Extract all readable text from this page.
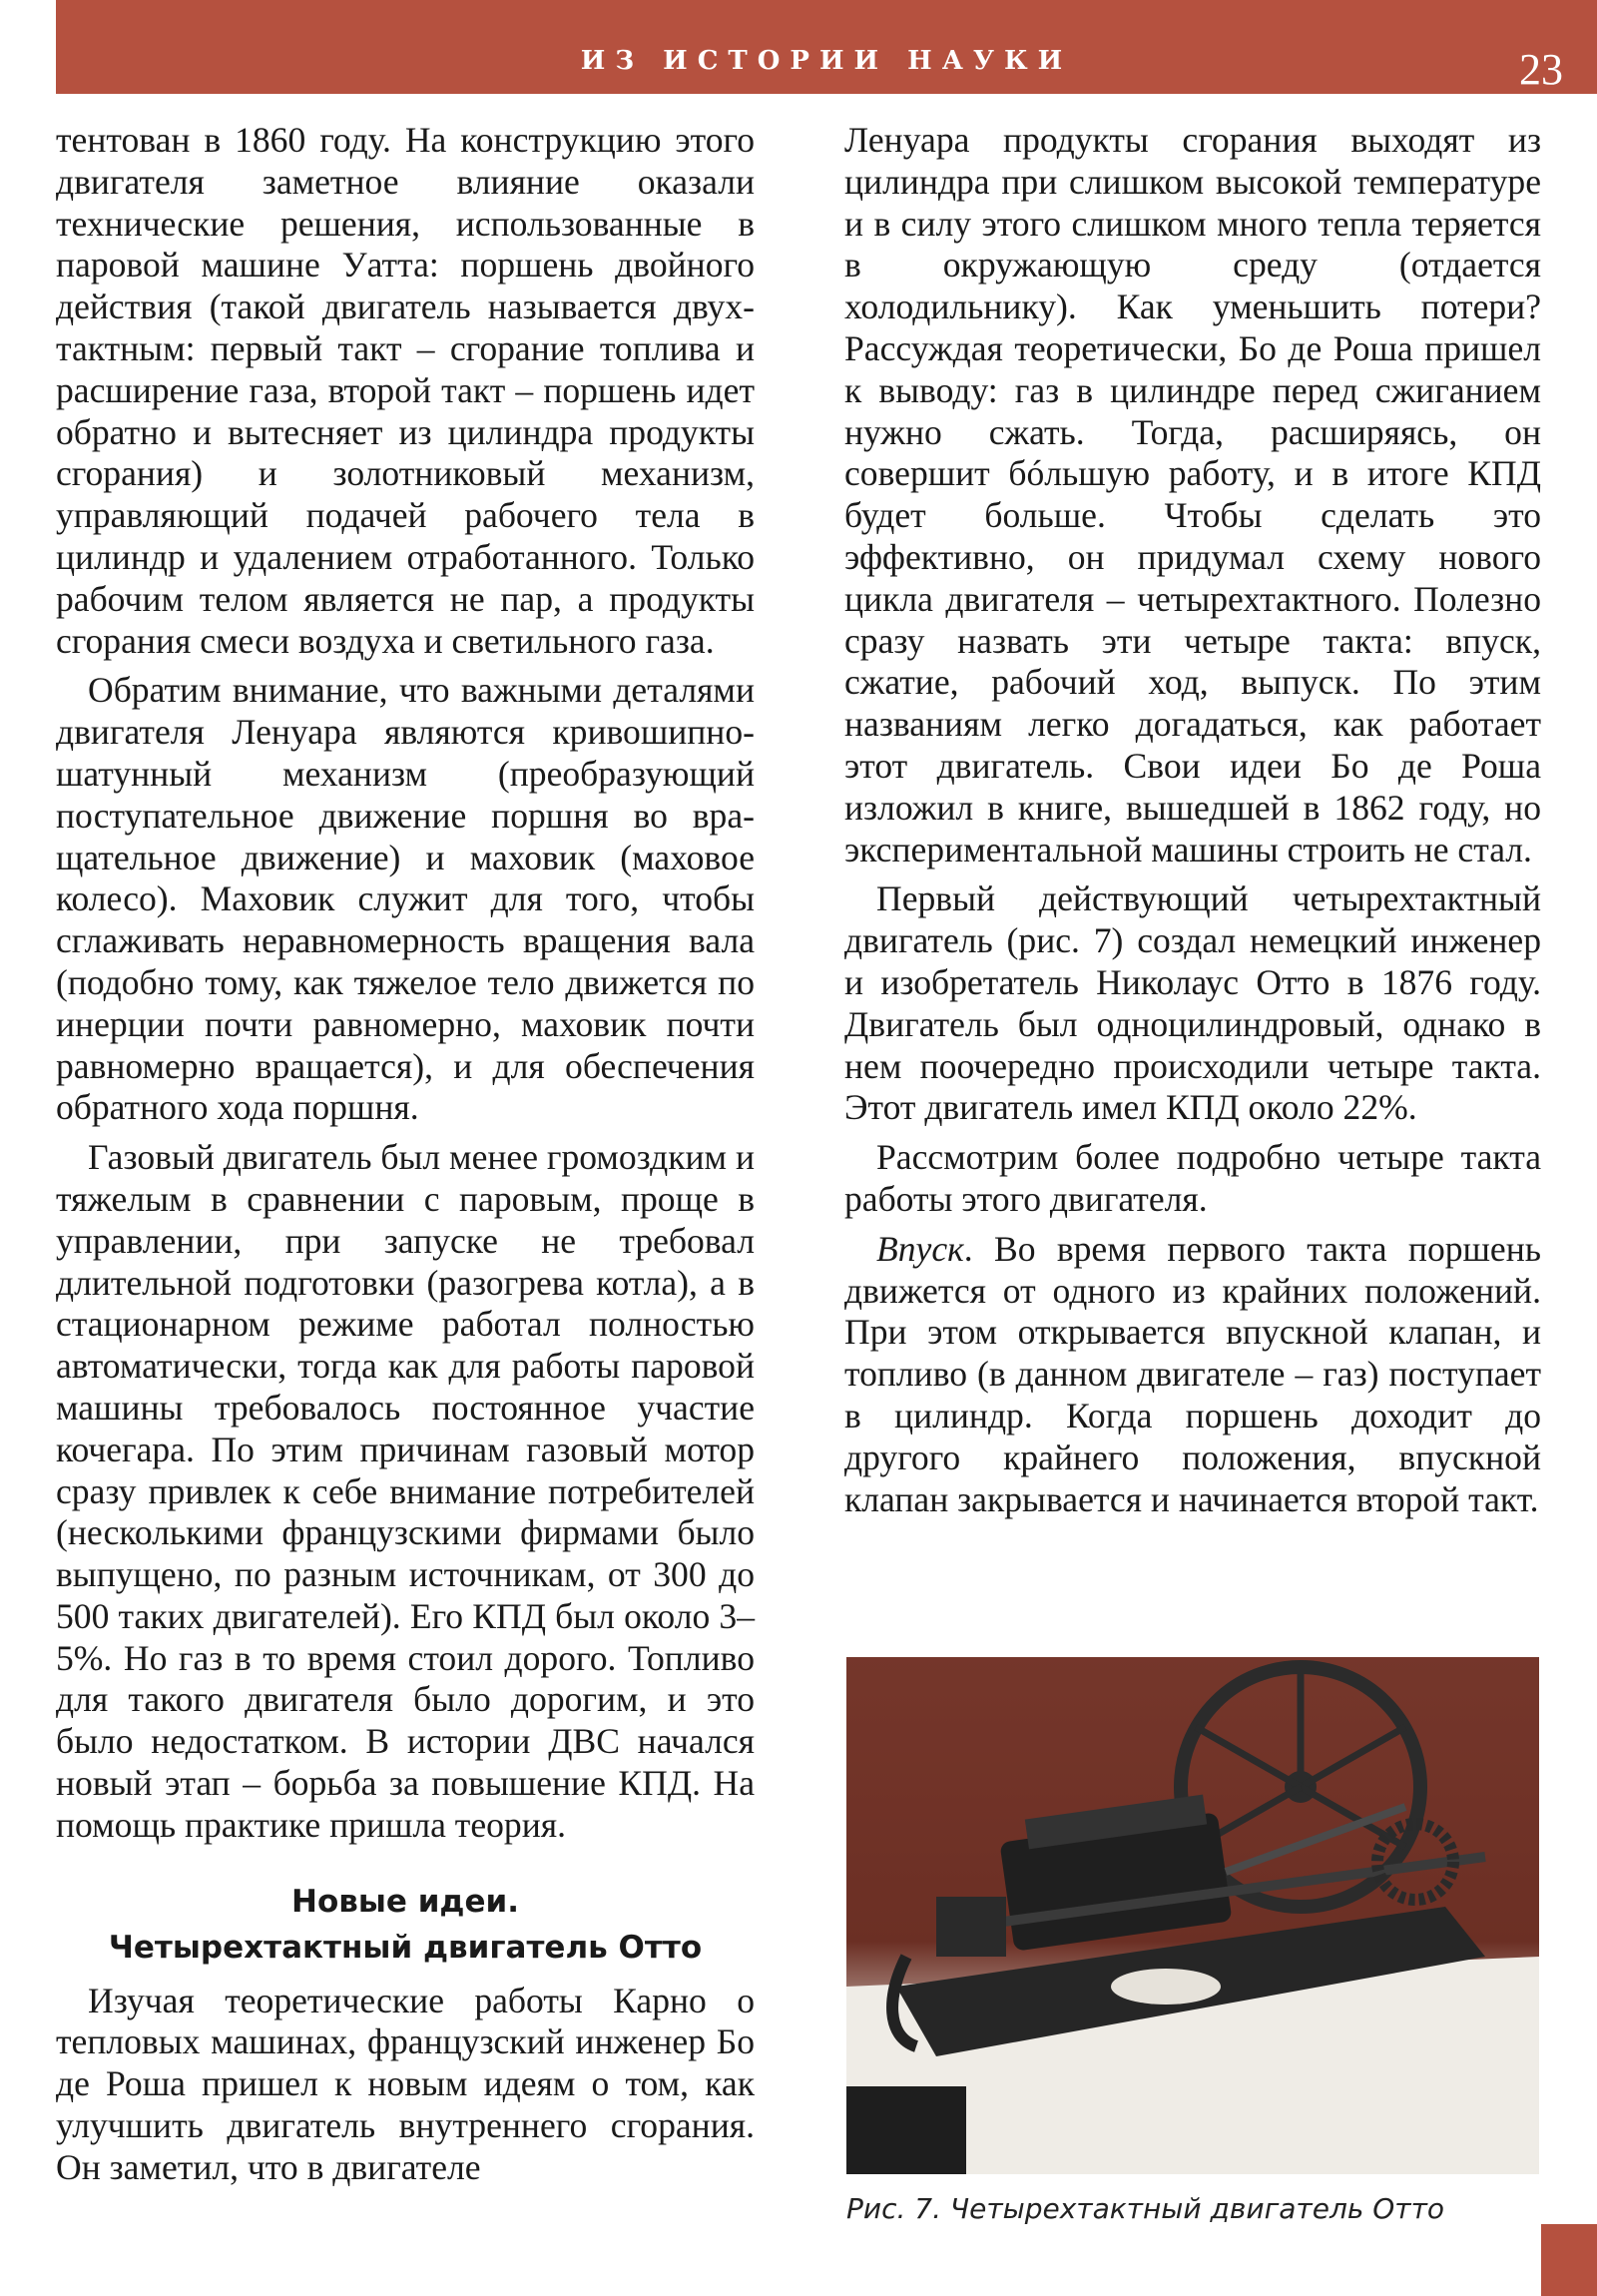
ИЗ ИСТОРИИ НАУКИ	23

тентован в 1860 году. На конструкцию этого двигателя заметное влияние оказали технические решения, использованные в паровой машине Уатта: поршень двойного действия (такой двигатель называется двухтактным: первый такт – сгорание топлива и расширение газа, второй такт – поршень идет обратно и вытесняет из цилиндра продукты сгорания) и золотниковый механизм, управляющий подачей рабочего тела в цилиндр и удалением отработанного. Только рабочим телом является не пар, а продукты сгорания смеси воздуха и светильного газа.

Обратим внимание, что важными деталями двигателя Ленуара являются кривошипно-шатунный механизм (преобразующий поступательное движение поршня во вращательное движение) и маховик (маховое колесо). Маховик служит для того, чтобы сглаживать неравномерность вращения вала (подобно тому, как тяжелое тело движется по инерции почти равномерно, маховик почти равномерно вращается), и для обеспечения обратного хода поршня.

Газовый двигатель был менее громоздким и тяжелым в сравнении с паровым, проще в управлении, при запуске не требовал длительной подготовки (разогрева котла), а в стационарном режиме работал полностью автоматически, тогда как для работы паровой машины требовалось постоянное участие кочегара. По этим причинам газовый мотор сразу привлек к себе внимание потребителей (несколькими французскими фирмами было выпущено, по разным источникам, от 300 до 500 таких двигателей). Его КПД был около 3–5%. Но газ в то время стоил дорого. Топливо для такого двигателя было дорогим, и это было недостатком. В истории ДВС начался новый этап – борьба за повышение КПД. На помощь практике пришла теория.

Новые идеи.
Четырехтактный двигатель Отто

Изучая теоретические работы Карно о тепловых машинах, французский инженер Бо де Роша пришел к новым идеям о том, как улучшить двигатель внутреннего сгорания. Он заметил, что в двигателе

Ленуара продукты сгорания выходят из цилиндра при слишком высокой температуре и в силу этого слишком много тепла теряется в окружающую среду (отдается холодильнику). Как уменьшить потери? Рассуждая теоретически, Бо де Роша пришел к выводу: газ в цилиндре перед сжиганием нужно сжать. Тогда, расширяясь, он совершит бóльшую работу, и в итоге КПД будет больше. Чтобы сделать это эффективно, он придумал схему нового цикла двигателя – четырехтактного. Полезно сразу назвать эти четыре такта: впуск, сжатие, рабочий ход, выпуск. По этим названиям легко догадаться, как работает этот двигатель. Свои идеи Бо де Роша изложил в книге, вышедшей в 1862 году, но экспериментальной машины строить не стал.

Первый действующий четырехтактный двигатель (рис. 7) создал немецкий инженер и изобретатель Николаус Отто в 1876 году. Двигатель был одноцилиндровый, однако в нем поочередно происходили четыре такта. Этот двигатель имел КПД около 22%.

Рассмотрим более подробно четыре такта работы этого двигателя.

Впуск. Во время первого такта поршень движется от одного из крайних положений. При этом открывается впускной клапан, и топливо (в данном двигателе – газ) поступает в цилиндр. Когда поршень доходит до другого крайнего положения, впускной клапан закрывается и начинается второй такт.

Рис. 7. Четырехтактный двигатель Отто
